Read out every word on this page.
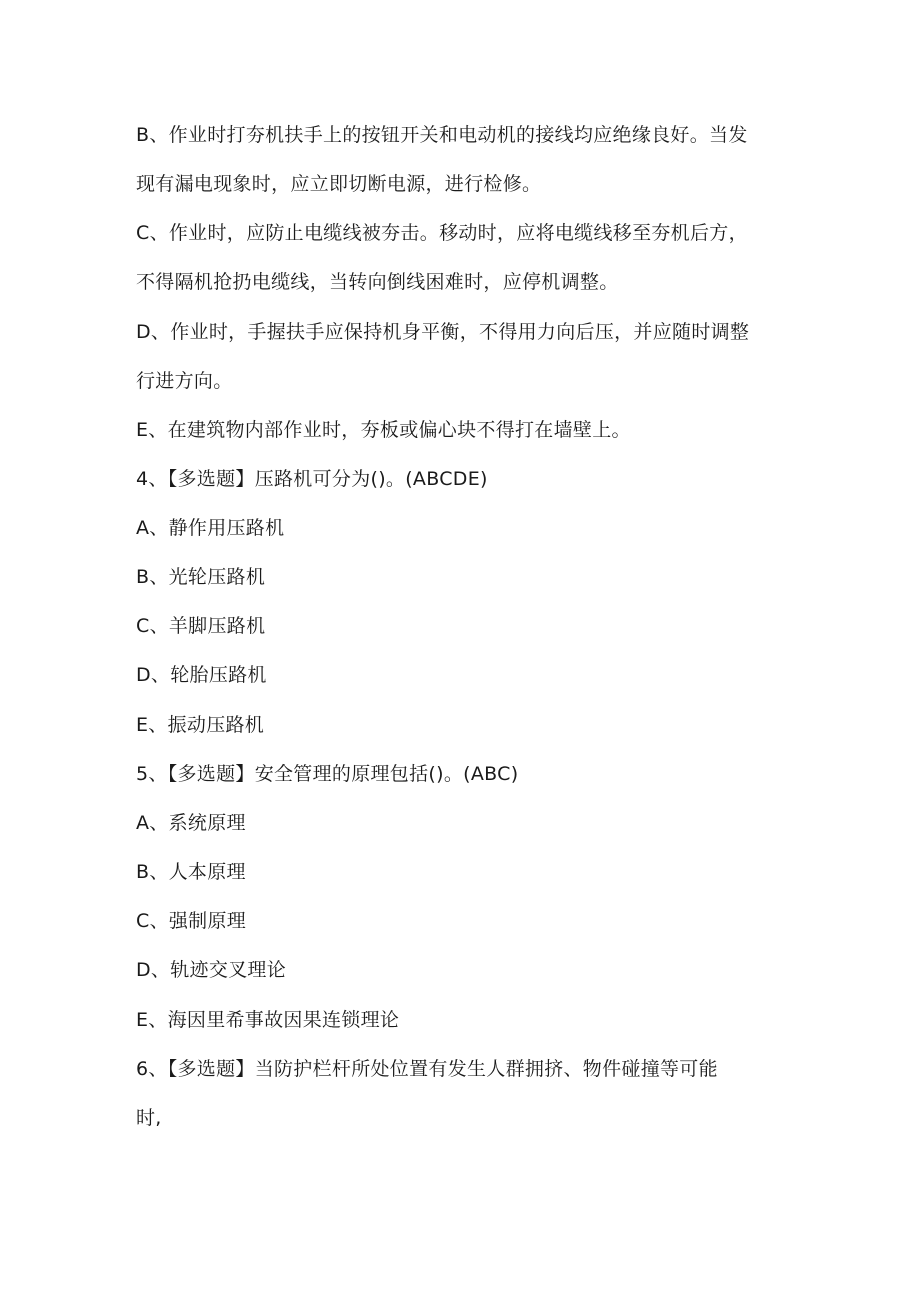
B、作业时打夯机扶手上的按钮开关和电动机的接线均应绝缘良好。当发
现有漏电现象时，应立即切断电源，进行检修。
C、作业时，应防止电缆线被夯击。移动时，应将电缆线移至夯机后方，
不得隔机抢扔电缆线，当转向倒线困难时，应停机调整。
D、作业时，手握扶手应保持机身平衡，不得用力向后压，并应随时调整
行进方向。
E、在建筑物内部作业时，夯板或偏心块不得打在墙壁上。
4、【多选题】压路机可分为()。(ABCDE)
A、静作用压路机
B、光轮压路机
C、羊脚压路机
D、轮胎压路机
E、振动压路机
5、【多选题】安全管理的原理包括()。(ABC)
A、系统原理
B、人本原理
C、强制原理
D、轨迹交叉理论
E、海因里希事故因果连锁理论
6、【多选题】当防护栏杆所处位置有发生人群拥挤、物件碰撞等可能
时,
